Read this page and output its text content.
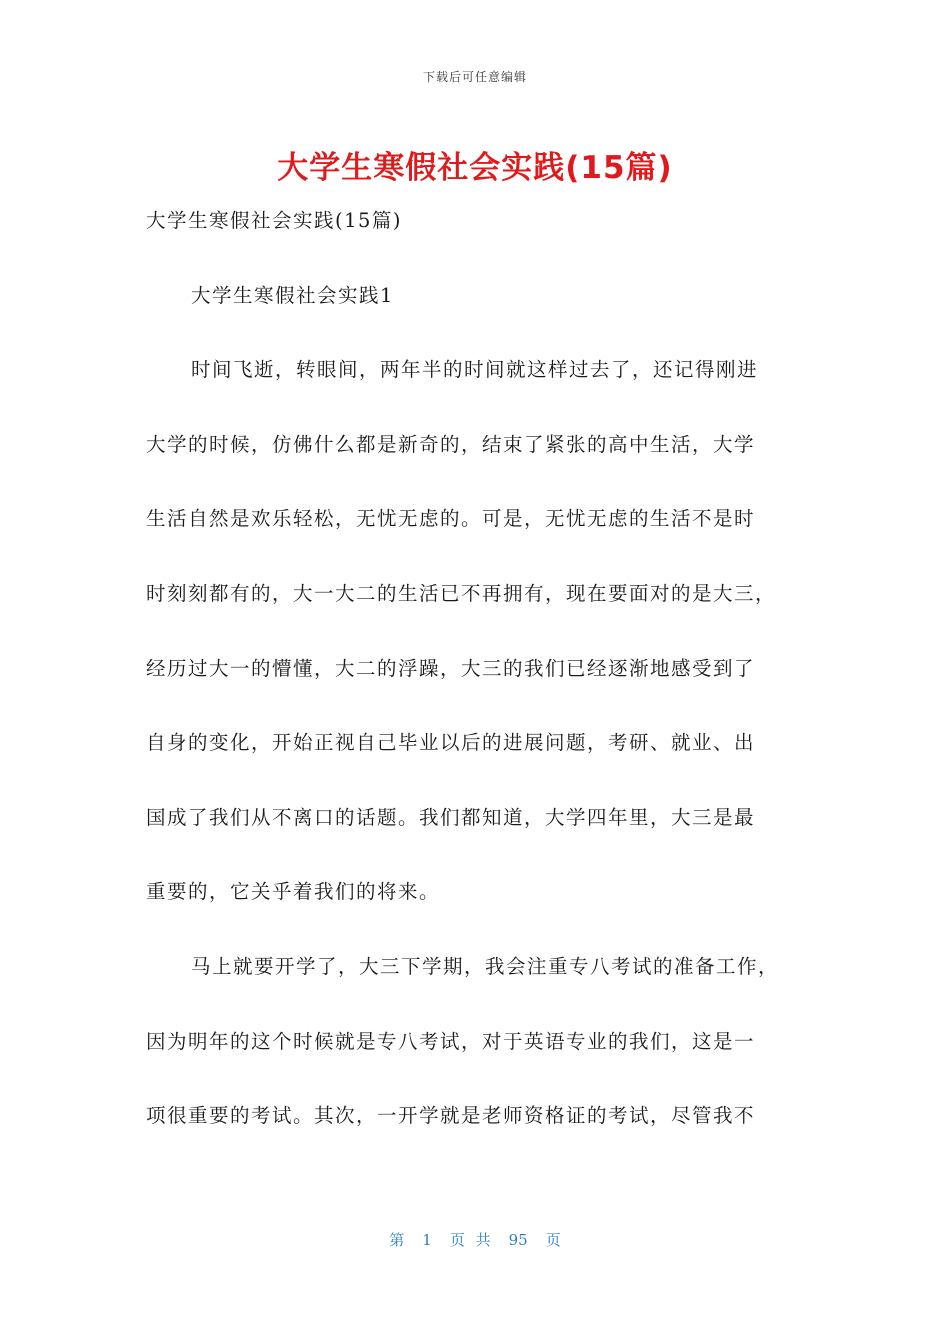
下载后可任意编辑
大学生寒假社会实践(15篇)
大学生寒假社会实践(15篇)
大学生寒假社会实践1
时间飞逝，转眼间，两年半的时间就这样过去了，还记得刚进
大学的时候，仿佛什么都是新奇的，结束了紧张的高中生活，大学
生活自然是欢乐轻松，无忧无虑的。可是，无忧无虑的生活不是时
时刻刻都有的，大一大二的生活已不再拥有，现在要面对的是大三，
经历过大一的懵懂，大二的浮躁，大三的我们已经逐渐地感受到了
自身的变化，开始正视自己毕业以后的进展问题，考研、就业、出
国成了我们从不离口的话题。我们都知道，大学四年里，大三是最
重要的，它关乎着我们的将来。
马上就要开学了，大三下学期，我会注重专八考试的准备工作，
因为明年的这个时候就是专八考试，对于英语专业的我们，这是一
项很重要的考试。其次，一开学就是老师资格证的考试，尽管我不
第 1 页 共 95 页
